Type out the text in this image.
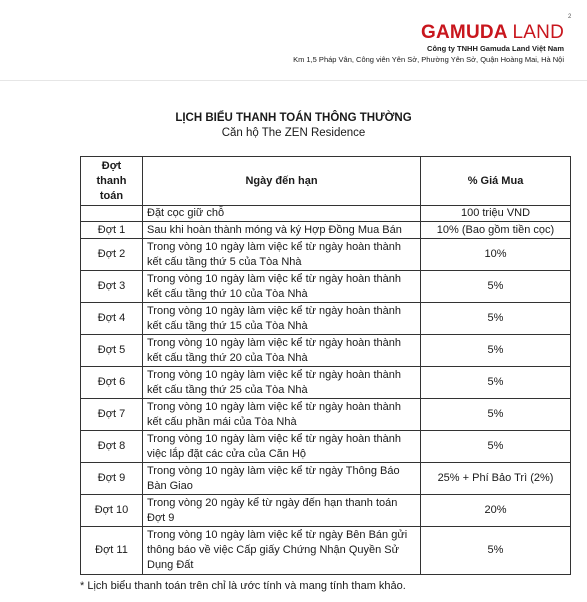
2
GAMUDA LAND
Công ty TNHH Gamuda Land Việt Nam
Km 1,5 Pháp Vân, Công viên Yên Sở, Phường Yên Sở, Quận Hoàng Mai, Hà Nội
LỊCH BIỂU THANH TOÁN THÔNG THƯỜNG
Căn hộ The ZEN Residence
Đợt thanh toán	Ngày đến hạn	% Giá Mua
	Đặt cọc giữ chỗ	100 triệu VND
Đợt 1	Sau khi hoàn thành móng và ký Hợp Đồng Mua Bán	10% (Bao gồm tiền cọc)
Đợt 2	Trong vòng 10 ngày làm việc kể từ ngày hoàn thành kết cấu tầng thứ 5 của Tòa Nhà	10%
Đợt 3	Trong vòng 10 ngày làm việc kể từ ngày hoàn thành kết cấu tầng thứ 10 của Tòa Nhà	5%
Đợt 4	Trong vòng 10 ngày làm việc kể từ ngày hoàn thành kết cấu tầng thứ 15 của Tòa Nhà	5%
Đợt 5	Trong vòng 10 ngày làm việc kể từ ngày hoàn thành kết cấu tầng thứ 20 của Tòa Nhà	5%
Đợt 6	Trong vòng 10 ngày làm việc kể từ ngày hoàn thành kết cấu tầng thứ 25 của Tòa Nhà	5%
Đợt 7	Trong vòng 10 ngày làm việc kể từ ngày hoàn thành kết cấu phần mái của Tòa Nhà	5%
Đợt 8	Trong vòng 10 ngày làm việc kể từ ngày hoàn thành việc lắp đặt các cửa của Căn Hộ	5%
Đợt 9	Trong vòng 10 ngày làm việc kể từ ngày Thông Báo Bàn Giao	25% + Phí Bảo Trì (2%)
Đợt 10	Trong vòng 20 ngày kể từ ngày đến hạn thanh toán Đợt 9	20%
Đợt 11	Trong vòng 10 ngày làm việc kể từ ngày Bên Bán gửi thông báo về việc Cấp giấy Chứng Nhận Quyền Sử Dụng Đất	5%
* Lịch biểu thanh toán trên chỉ là ước tính và mang tính tham khảo.
